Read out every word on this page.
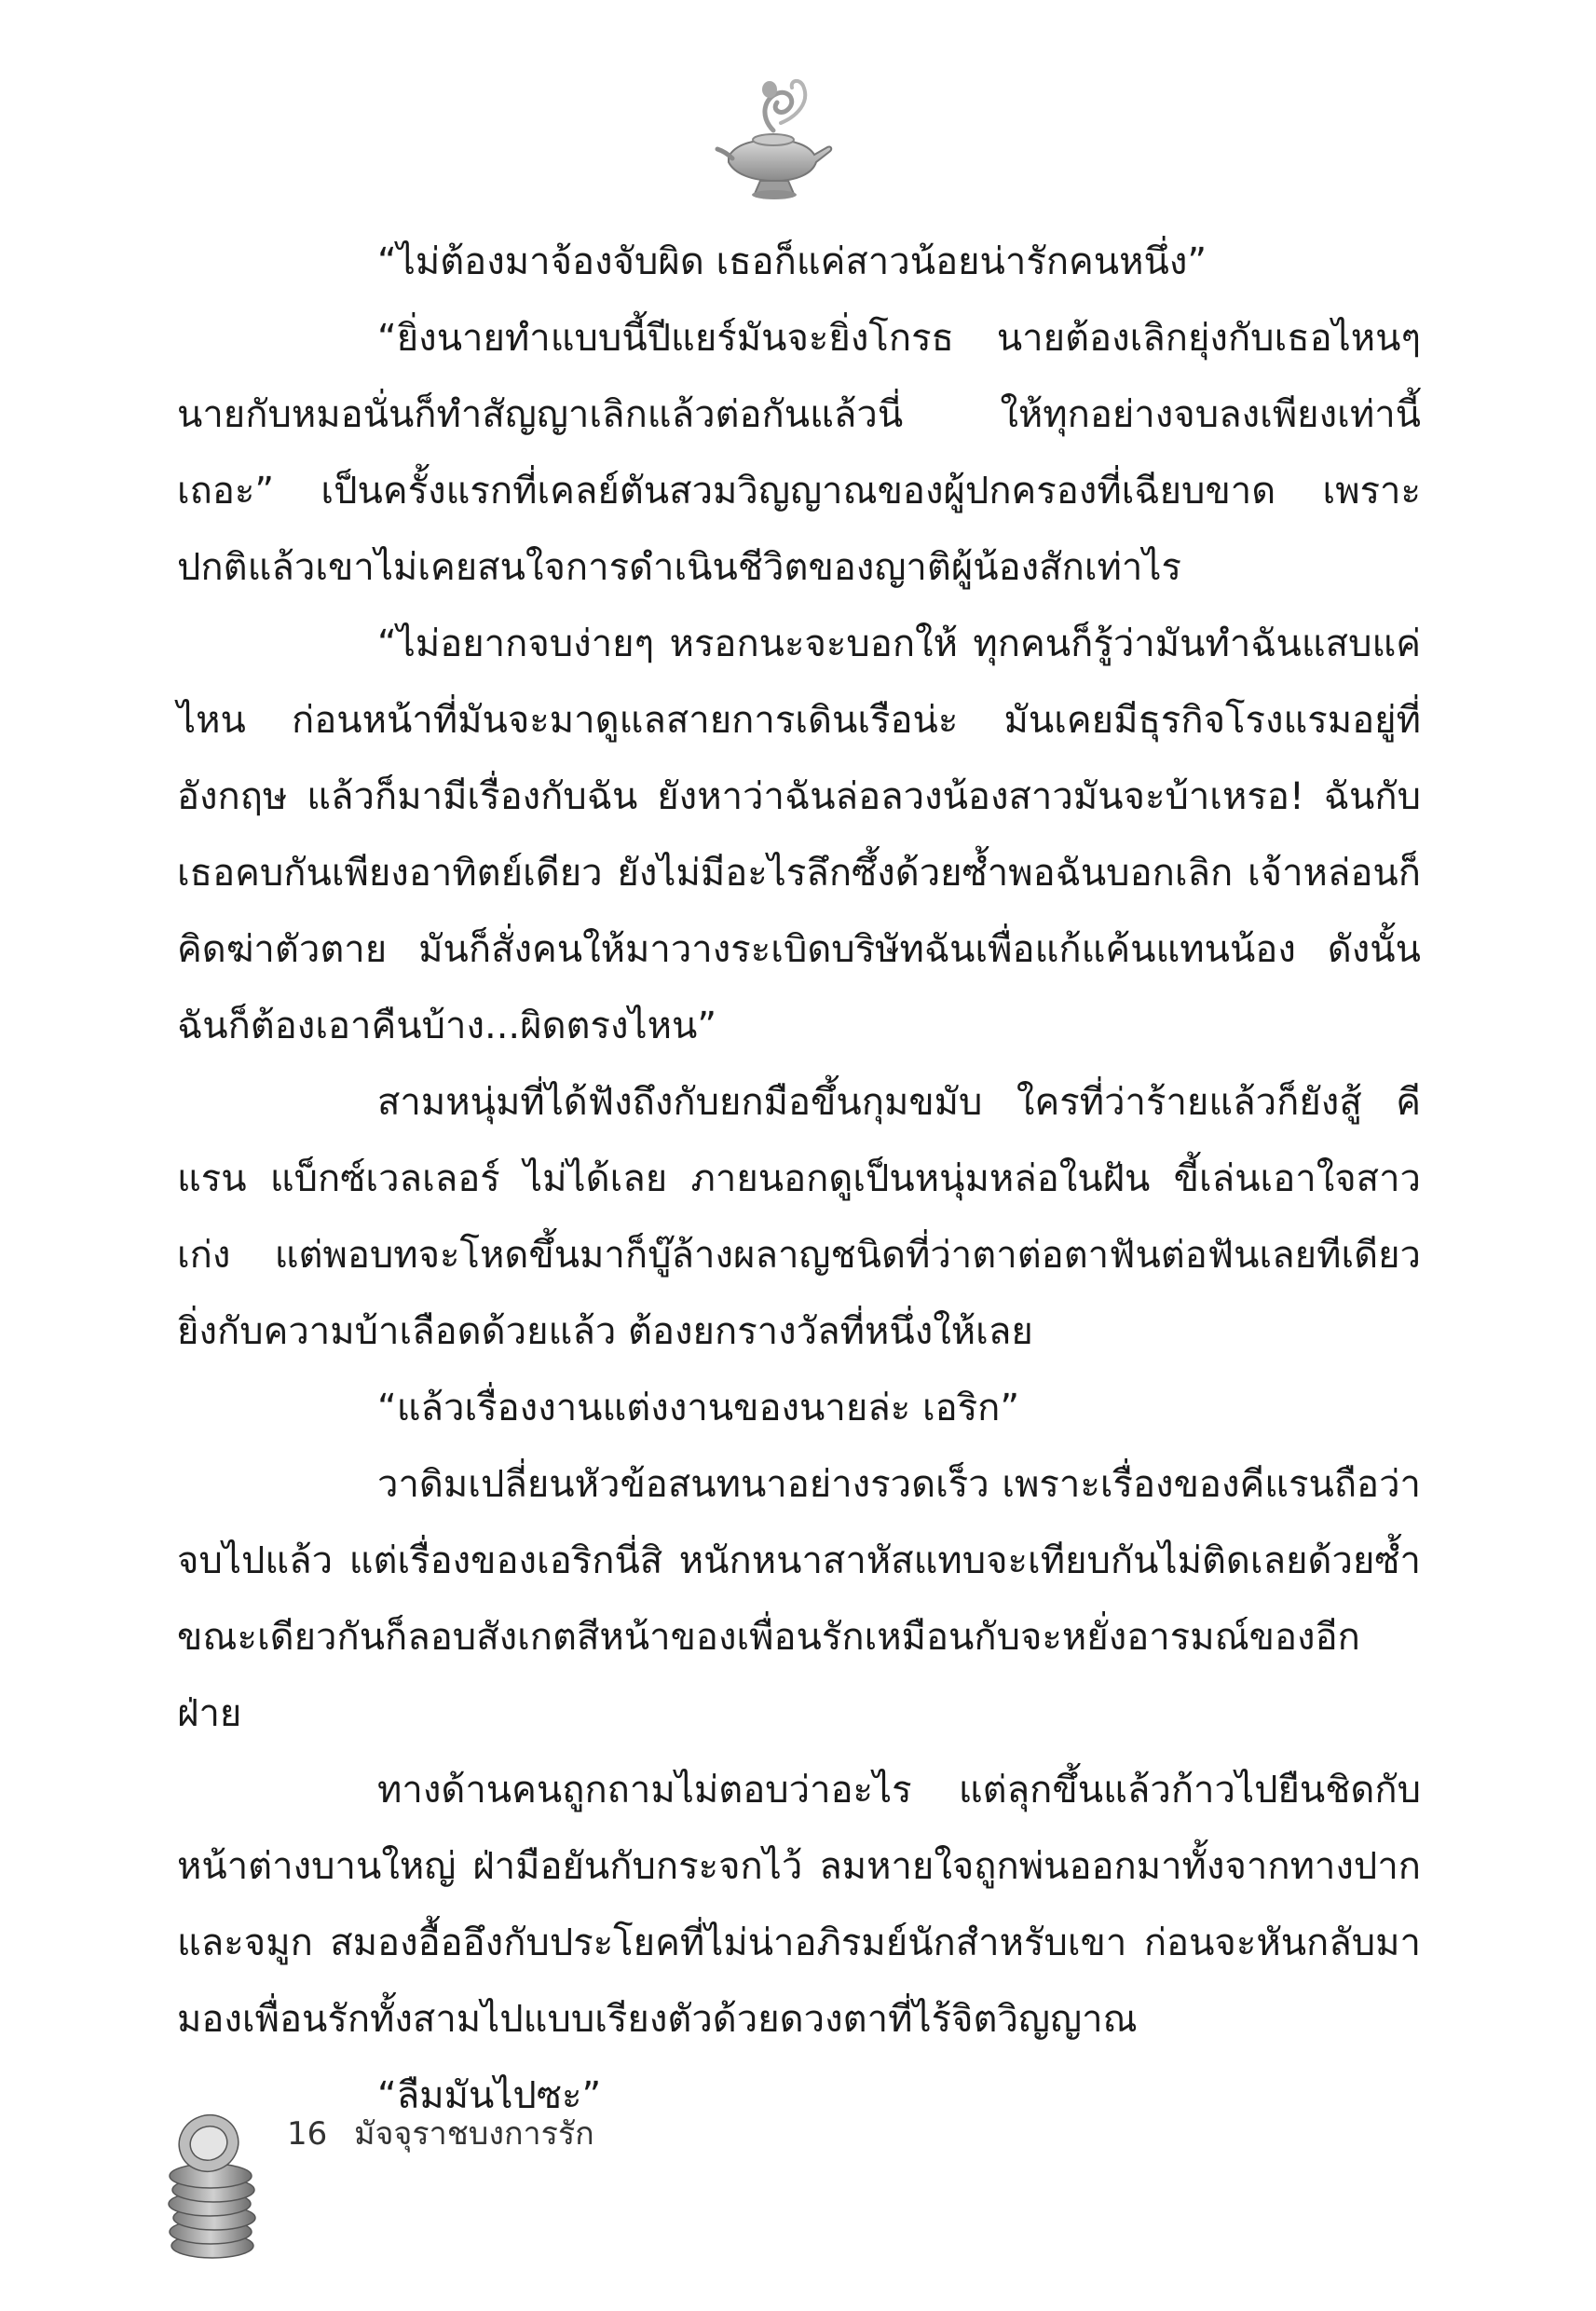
“ไม่ต้องมาจ้องจับผิด เธอก็แค่สาวน้อยน่ารักคนหนึ่ง”

“ยิ่งนายทำแบบนี้ปีแยร์มันจะยิ่งโกรธ นายต้องเลิกยุ่งกับเธอไหนๆ นายกับหมอนั่นก็ทำสัญญาเลิกแล้วต่อกันแล้วนี่ ให้ทุกอย่างจบลงเพียงเท่านี้เถอะ” เป็นครั้งแรกที่เคลย์ตันสวมวิญญาณของผู้ปกครองที่เฉียบขาด เพราะปกติแล้วเขาไม่เคยสนใจการดำเนินชีวิตของญาติผู้น้องสักเท่าไร

“ไม่อยากจบง่ายๆ หรอกนะจะบอกให้ ทุกคนก็รู้ว่ามันทำฉันแสบแค่ไหน ก่อนหน้าที่มันจะมาดูแลสายการเดินเรือน่ะ มันเคยมีธุรกิจโรงแรมอยู่ที่อังกฤษ แล้วก็มามีเรื่องกับฉัน ยังหาว่าฉันล่อลวงน้องสาวมันจะบ้าเหรอ! ฉันกับเธอคบกันเพียงอาทิตย์เดียว ยังไม่มีอะไรลึกซึ้งด้วยซ้ำพอฉันบอกเลิก เจ้าหล่อนก็คิดฆ่าตัวตาย มันก็สั่งคนให้มาวางระเบิดบริษัทฉันเพื่อแก้แค้นแทนน้อง ดังนั้นฉันก็ต้องเอาคืนบ้าง...ผิดตรงไหน”

สามหนุ่มที่ได้ฟังถึงกับยกมือขึ้นกุมขมับ ใครที่ว่าร้ายแล้วก็ยังสู้ คีแรน แบ็กซ์เวลเลอร์ ไม่ได้เลย ภายนอกดูเป็นหนุ่มหล่อในฝัน ขี้เล่นเอาใจสาวเก่ง แต่พอบทจะโหดขึ้นมาก็บู๊ล้างผลาญชนิดที่ว่าตาต่อตาฟันต่อฟันเลยทีเดียว ยิ่งกับความบ้าเลือดด้วยแล้ว ต้องยกรางวัลที่หนึ่งให้เลย

“แล้วเรื่องงานแต่งงานของนายล่ะ เอริก”

วาดิมเปลี่ยนหัวข้อสนทนาอย่างรวดเร็ว เพราะเรื่องของคีแรนถือว่าจบไปแล้ว แต่เรื่องของเอริกนี่สิ หนักหนาสาหัสแทบจะเทียบกันไม่ติดเลยด้วยซ้ำ ขณะเดียวกันก็ลอบสังเกตสีหน้าของเพื่อนรักเหมือนกับจะหยั่งอารมณ์ของอีกฝ่าย

ทางด้านคนถูกถามไม่ตอบว่าอะไร แต่ลุกขึ้นแล้วก้าวไปยืนชิดกับหน้าต่างบานใหญ่ ฝ่ามือยันกับกระจกไว้ ลมหายใจถูกพ่นออกมาทั้งจากทางปากและจมูก สมองอื้ออึงกับประโยคที่ไม่น่าอภิรมย์นักสำหรับเขา ก่อนจะหันกลับมามองเพื่อนรักทั้งสามไปแบบเรียงตัวด้วยดวงตาที่ไร้จิตวิญญาณ

“ลืมมันไปซะ”

16 มัจจุราชบงการรัก
